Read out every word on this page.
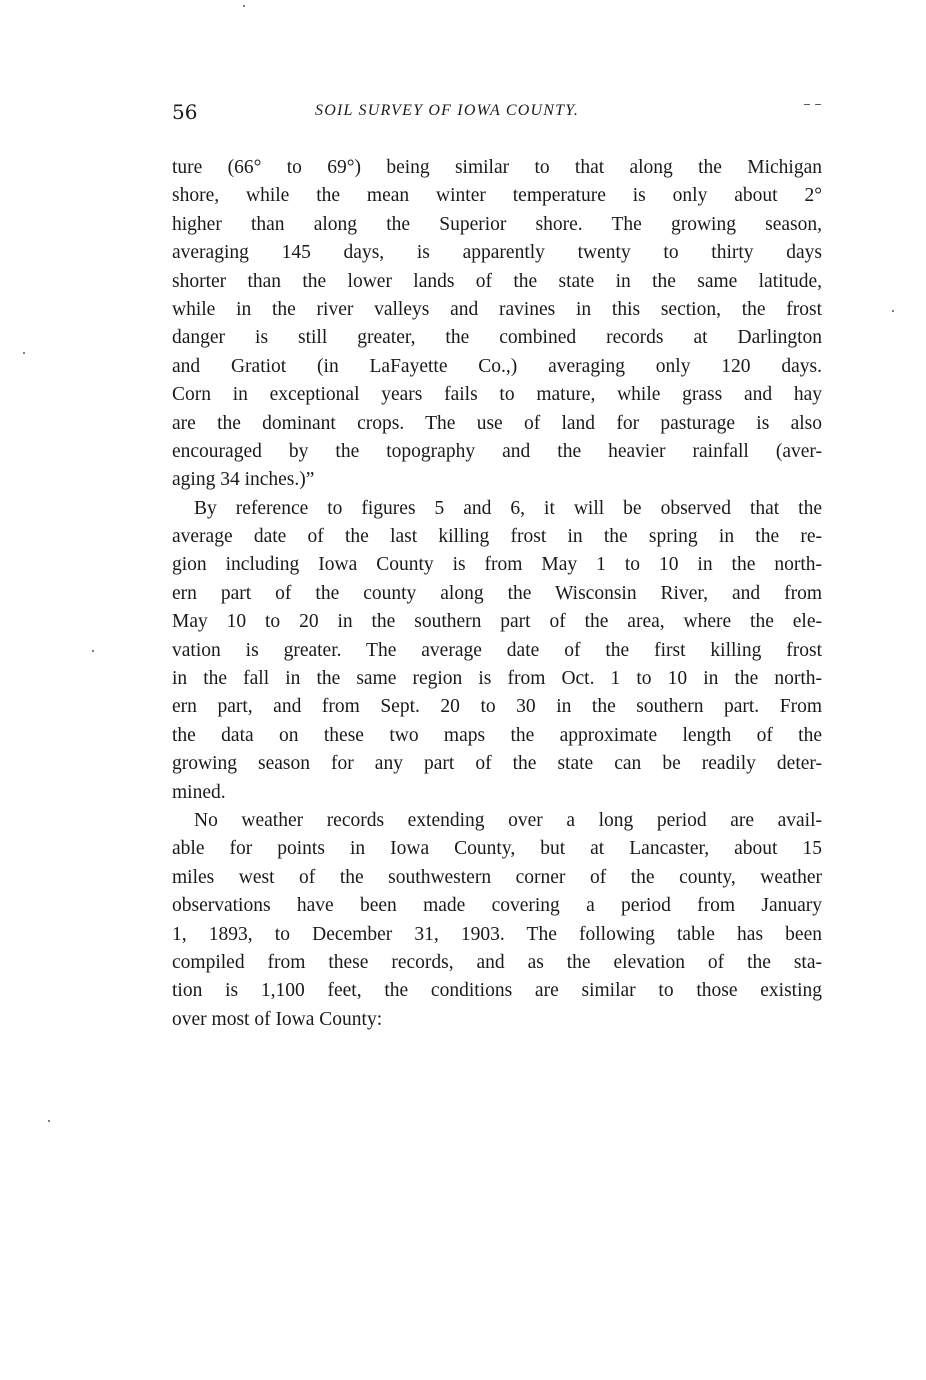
56	SOIL SURVEY OF IOWA COUNTY.
ture (66° to 69°) being similar to that along the Michigan
shore, while the mean winter temperature is only about 2°
higher than along the Superior shore. The growing season,
averaging 145 days, is apparently twenty to thirty days
shorter than the lower lands of the state in the same latitude,
while in the river valleys and ravines in this section, the frost
danger is still greater, the combined records at Darlington
and Gratiot (in LaFayette Co.,) averaging only 120 days.
Corn in exceptional years fails to mature, while grass and hay
are the dominant crops. The use of land for pasturage is also
encouraged by the topography and the heavier rainfall (aver-
aging 34 inches.)”
By reference to figures 5 and 6, it will be observed that the
average date of the last killing frost in the spring in the re-
gion including Iowa County is from May 1 to 10 in the north-
ern part of the county along the Wisconsin River, and from
May 10 to 20 in the southern part of the area, where the ele-
vation is greater. The average date of the first killing frost
in the fall in the same region is from Oct. 1 to 10 in the north-
ern part, and from Sept. 20 to 30 in the southern part. From
the data on these two maps the approximate length of the
growing season for any part of the state can be readily deter-
mined.
No weather records extending over a long period are avail-
able for points in Iowa County, but at Lancaster, about 15
miles west of the southwestern corner of the county, weather
observations have been made covering a period from January
1, 1893, to December 31, 1903. The following table has been
compiled from these records, and as the elevation of the sta-
tion is 1,100 feet, the conditions are similar to those existing
over most of Iowa County:
